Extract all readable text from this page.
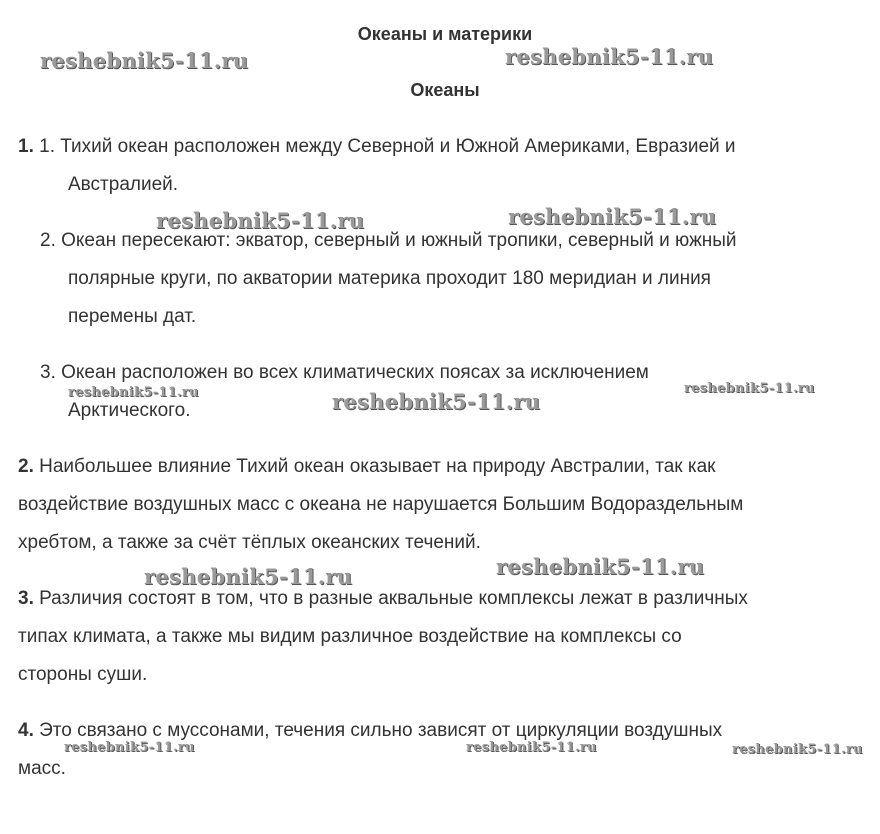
Океаны и материки
Океаны
1. 1. Тихий океан расположен между Северной и Южной Америками, Евразией и
Австралией.
2. Океан пересекают: экватор, северный и южный тропики, северный и южный
полярные круги, по акватории материка проходит 180 меридиан и линия
перемены дат.
3. Океан расположен во всех климатических поясах за исключением
Арктического.
2. Наибольшее влияние Тихий океан оказывает на природу Австралии, так как
воздействие воздушных масс с океана не нарушается Большим Водораздельным
хребтом, а также за счёт тёплых океанских течений.
3. Различия состоят в том, что в разные аквальные комплексы лежат в различных
типах климата, а также мы видим различное воздействие на комплексы со
стороны суши.
4. Это связано с муссонами, течения сильно зависят от циркуляции воздушных
масс.
reshebnik5-11.ru	reshebnik5-11.ru
reshebnik5-11.ru	reshebnik5-11.ru
reshebnik5-11.ru	reshebnik5-11.ru
reshebnik5-11.ru
reshebnik5-11.ru	reshebnik5-11.ru
reshebnik5-11.ru	reshebnik5-11.ru	reshebnik5-11.ru
